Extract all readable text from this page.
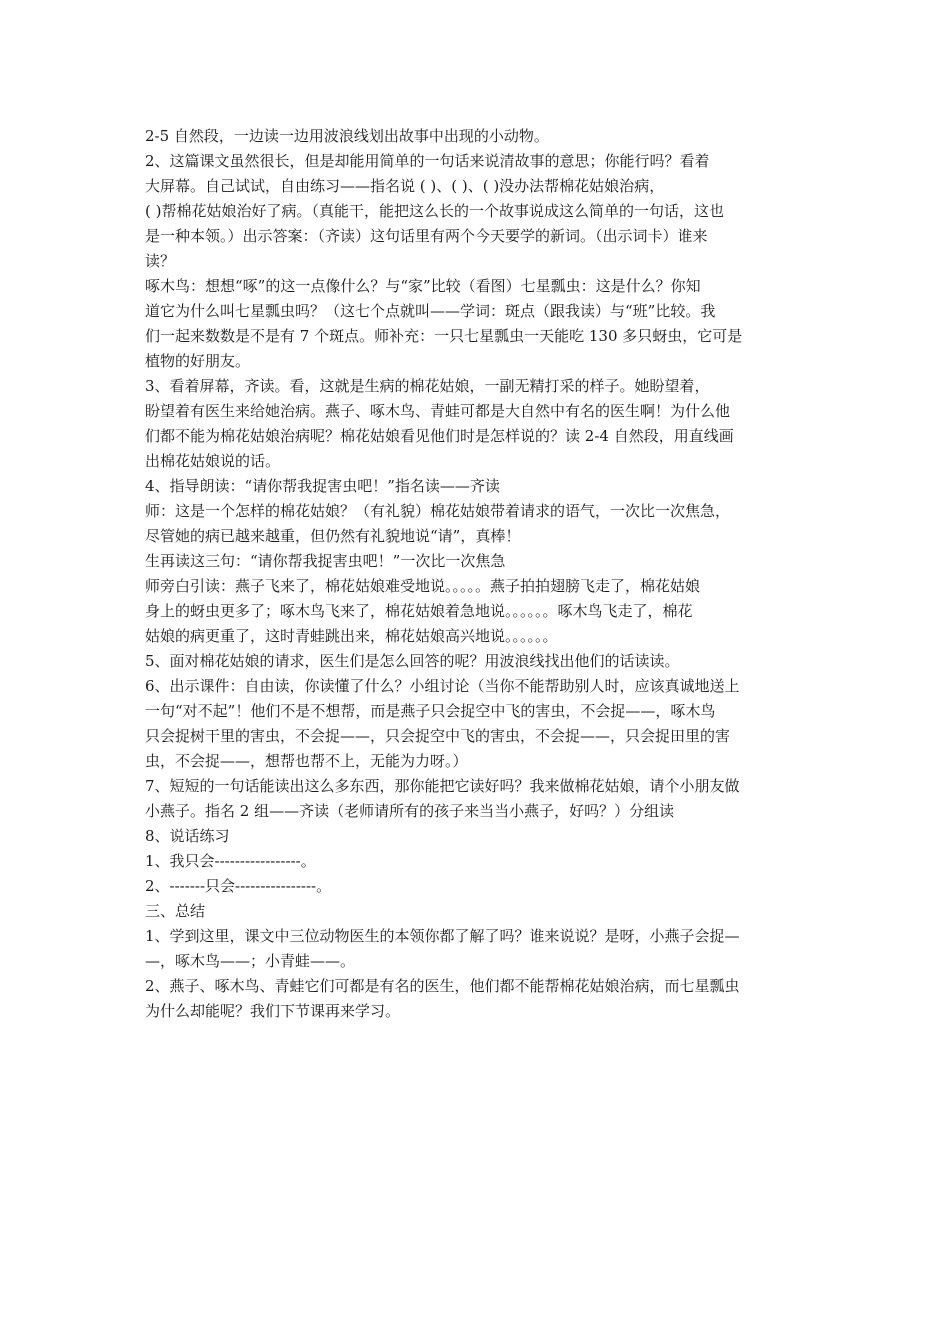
2-5 自然段，一边读一边用波浪线划出故事中出现的小动物。

2、这篇课文虽然很长，但是却能用简单的一句话来说清故事的意思；你能行吗？看着

大屏幕。自己试试，自由练习——指名说 ( )、( )、( )没办法帮棉花姑娘治病，

( )帮棉花姑娘治好了病。（真能干，能把这么长的一个故事说成这么简单的一句话，这也
是一种本领。）出示答案：（齐读）这句话里有两个今天要学的新词。（出示词卡）谁来
读？

啄木鸟：想想“啄”的这一点像什么？与“家”比较（看图）七星瓢虫：这是什么？你知
道它为什么叫七星瓢虫吗？（这七个点就叫——学词：斑点（跟我读）与“班”比较。我
们一起来数数是不是有 7 个斑点。师补充：一只七星瓢虫一天能吃 130 多只蚜虫，它可是
植物的好朋友。

3、看着屏幕，齐读。看，这就是生病的棉花姑娘，一副无精打采的样子。她盼望着，

盼望着有医生来给她治病。燕子、啄木鸟、青蛙可都是大自然中有名的医生啊！为什么他
们都不能为棉花姑娘治病呢？棉花姑娘看见他们时是怎样说的？读 2-4 自然段，用直线画
出棉花姑娘说的话。

4、指导朗读：“请你帮我捉害虫吧！”指名读——齐读

师：这是一个怎样的棉花姑娘？（有礼貌）棉花姑娘带着请求的语气，一次比一次焦急，

尽管她的病已越来越重，但仍然有礼貌地说“请”，真棒！

生再读这三句：“请你帮我捉害虫吧！”一次比一次焦急

师旁白引读：燕子飞来了，棉花姑娘难受地说。。。。。燕子拍拍翅膀飞走了，棉花姑娘
身上的蚜虫更多了；啄木鸟飞来了，棉花姑娘着急地说。。。。。。啄木鸟飞走了，棉花
姑娘的病更重了，这时青蛙跳出来，棉花姑娘高兴地说。。。。。。

5、面对棉花姑娘的请求，医生们是怎么回答的呢？用波浪线找出他们的话读读。

6、出示课件：自由读，你读懂了什么？小组讨论（当你不能帮助别人时，应该真诚地送上
一句“对不起”！他们不是不想帮，而是燕子只会捉空中飞的害虫，不会捉——，啄木鸟
只会捉树干里的害虫，不会捉——，只会捉空中飞的害虫，不会捉——，只会捉田里的害
虫，不会捉——，想帮也帮不上，无能为力呀。）

7、短短的一句话能读出这么多东西，那你能把它读好吗？我来做棉花姑娘，请个小朋友做
小燕子。指名 2 组——齐读（老师请所有的孩子来当当小燕子，好吗？）分组读

8、说话练习

1、我只会-----------------。

2、-------只会----------------。

三、总结

1、学到这里，课文中三位动物医生的本领你都了解了吗？谁来说说？是呀，小燕子会捉—
—，啄木鸟——；小青蛙——。

2、燕子、啄木鸟、青蛙它们可都是有名的医生，他们都不能帮棉花姑娘治病，而七星瓢虫
为什么却能呢？我们下节课再来学习。
